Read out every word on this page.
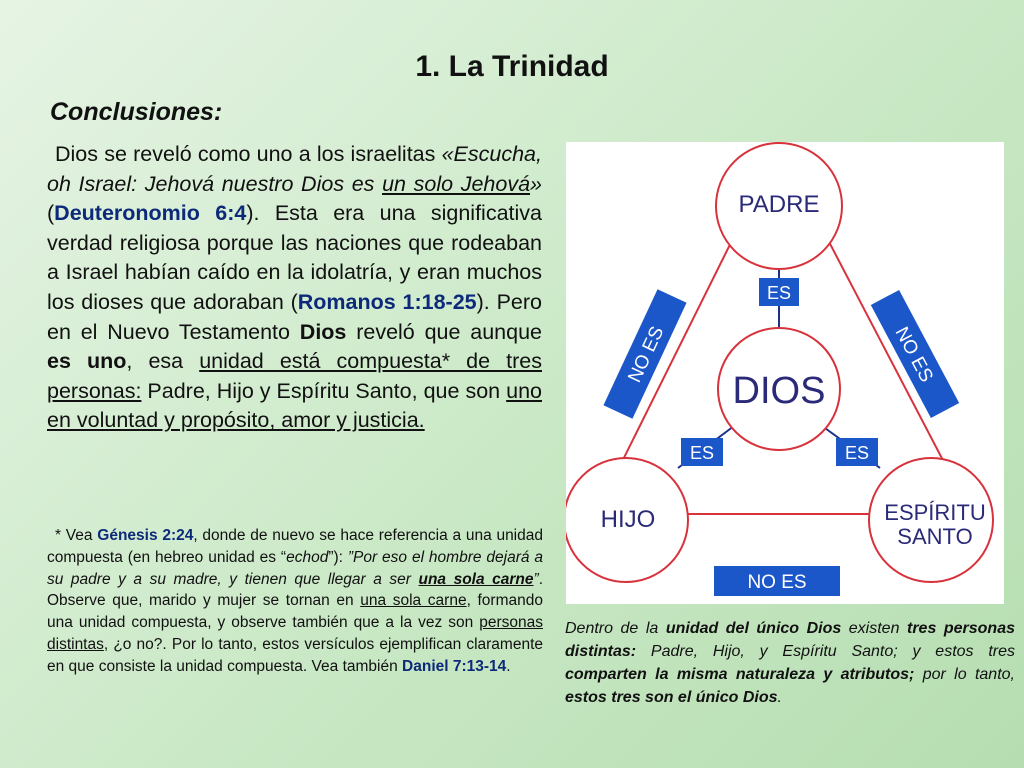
1. La Trinidad
Conclusiones:

Dios se reveló como uno a los israelitas «Escucha, oh Israel: Jehová nuestro Dios es un solo Jehová» (Deuteronomio 6:4). Esta era una significativa verdad religiosa porque las naciones que rodeaban a Israel habían caído en la idolatría, y eran muchos los dioses que adoraban (Romanos 1:18-25). Pero en el Nuevo Testamento Dios reveló que aunque es uno, esa unidad está compuesta* de tres personas: Padre, Hijo y Espíritu Santo, que son uno en voluntad y propósito, amor y justicia.

* Vea Génesis 2:24, donde de nuevo se hace referencia a una unidad compuesta (en hebreo unidad es “echod”): ”Por eso el hombre dejará a su padre y a su madre, y tienen que llegar a ser una sola carne”. Observe que, marido y mujer se tornan en una sola carne, formando una unidad compuesta, y observe también que a la vez son personas distintas, ¿o no?. Por lo tanto, estos versículos ejemplifican claramente en que consiste la unidad compuesta. Vea también Daniel 7:13-14.

PADRE
DIOS
HIJO	ESPÍRITU
SANTO
ES
ES	ES
NO ES	NO ES
NO ES

Dentro de la unidad del único Dios existen tres personas distintas: Padre, Hijo, y Espíritu Santo; y estos tres comparten la misma naturaleza y atributos; por lo tanto, estos tres son el único Dios.
